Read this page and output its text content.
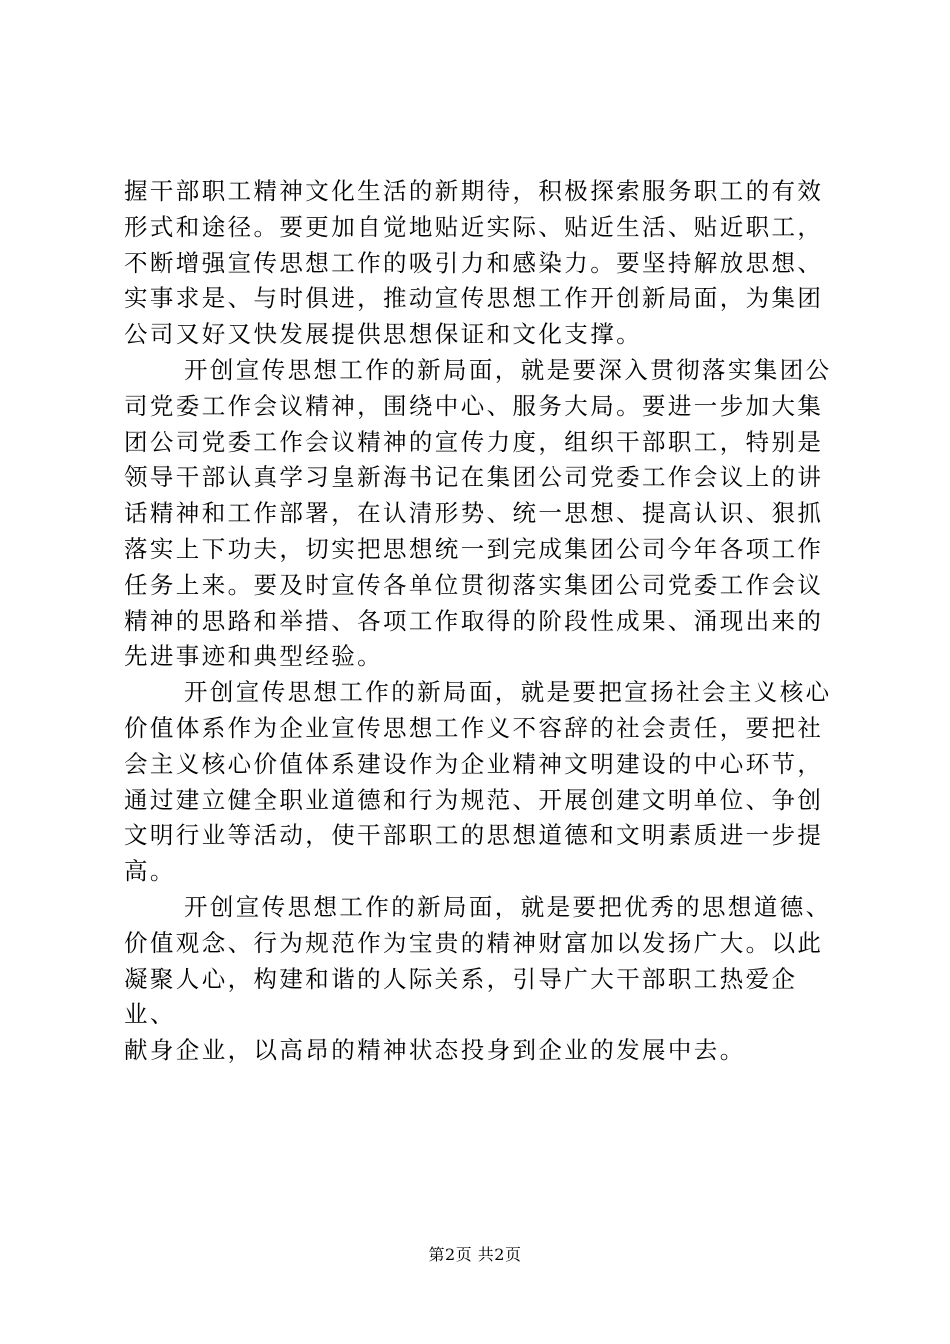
握干部职工精神文化生活的新期待，积极探索服务职工的有效
形式和途径。要更加自觉地贴近实际、贴近生活、贴近职工，
不断增强宣传思想工作的吸引力和感染力。要坚持解放思想、
实事求是、与时俱进，推动宣传思想工作开创新局面，为集团
公司又好又快发展提供思想保证和文化支撑。

开创宣传思想工作的新局面，就是要深入贯彻落实集团公
司党委工作会议精神，围绕中心、服务大局。要进一步加大集
团公司党委工作会议精神的宣传力度，组织干部职工，特别是
领导干部认真学习皇新海书记在集团公司党委工作会议上的讲
话精神和工作部署，在认清形势、统一思想、提高认识、狠抓
落实上下功夫，切实把思想统一到完成集团公司今年各项工作
任务上来。要及时宣传各单位贯彻落实集团公司党委工作会议
精神的思路和举措、各项工作取得的阶段性成果、涌现出来的
先进事迹和典型经验。

开创宣传思想工作的新局面，就是要把宣扬社会主义核心
价值体系作为企业宣传思想工作义不容辞的社会责任，要把社
会主义核心价值体系建设作为企业精神文明建设的中心环节，
通过建立健全职业道德和行为规范、开展创建文明单位、争创
文明行业等活动，使干部职工的思想道德和文明素质进一步提
高。

开创宣传思想工作的新局面，就是要把优秀的思想道德、
价值观念、行为规范作为宝贵的精神财富加以发扬广大。以此
凝聚人心，构建和谐的人际关系，引导广大干部职工热爱企业、
献身企业，以高昂的精神状态投身到企业的发展中去。

第2页 共2页
